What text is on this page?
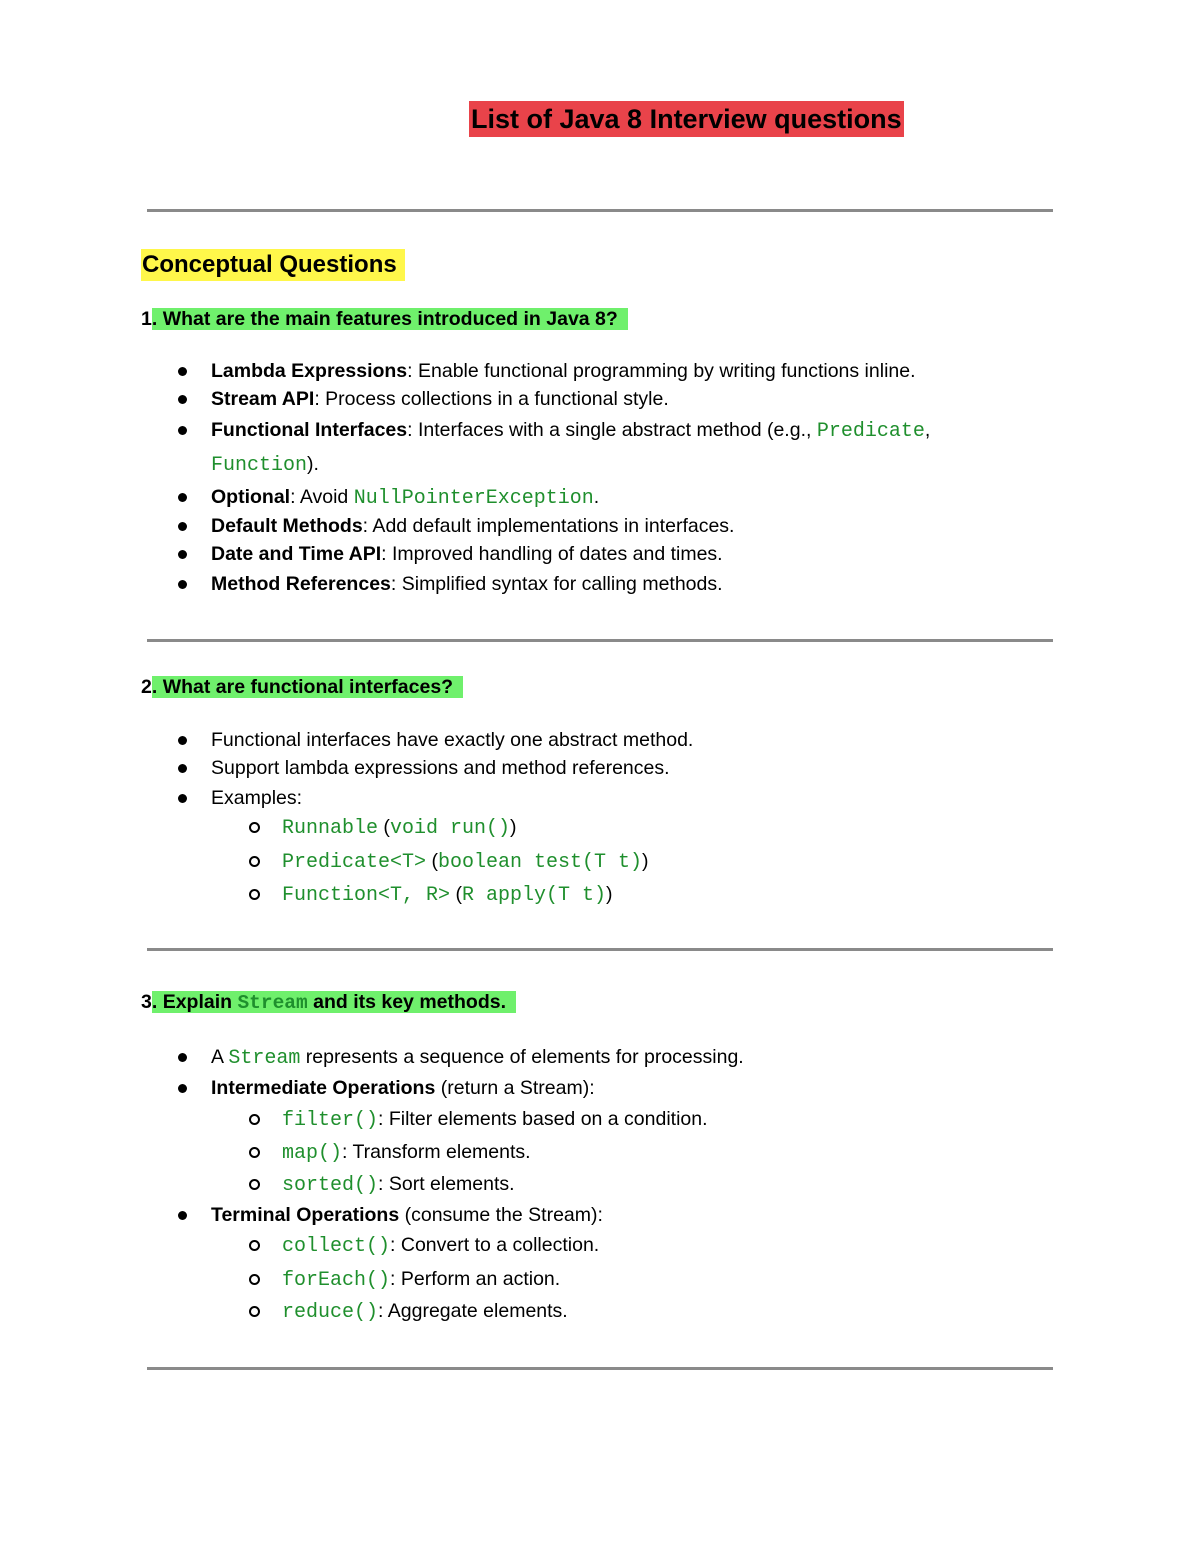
List of Java 8 Interview questions
Conceptual Questions
1. What are the main features introduced in Java 8?
Lambda Expressions: Enable functional programming by writing functions inline.
Stream API: Process collections in a functional style.
Functional Interfaces: Interfaces with a single abstract method (e.g., Predicate,
Function).
Optional: Avoid NullPointerException.
Default Methods: Add default implementations in interfaces.
Date and Time API: Improved handling of dates and times.
Method References: Simplified syntax for calling methods.
2. What are functional interfaces?
Functional interfaces have exactly one abstract method.
Support lambda expressions and method references.
Examples:
Runnable (void run())
Predicate<T> (boolean test(T t))
Function<T, R> (R apply(T t))
3. Explain Stream and its key methods.
A Stream represents a sequence of elements for processing.
Intermediate Operations (return a Stream):
filter(): Filter elements based on a condition.
map(): Transform elements.
sorted(): Sort elements.
Terminal Operations (consume the Stream):
collect(): Convert to a collection.
forEach(): Perform an action.
reduce(): Aggregate elements.
